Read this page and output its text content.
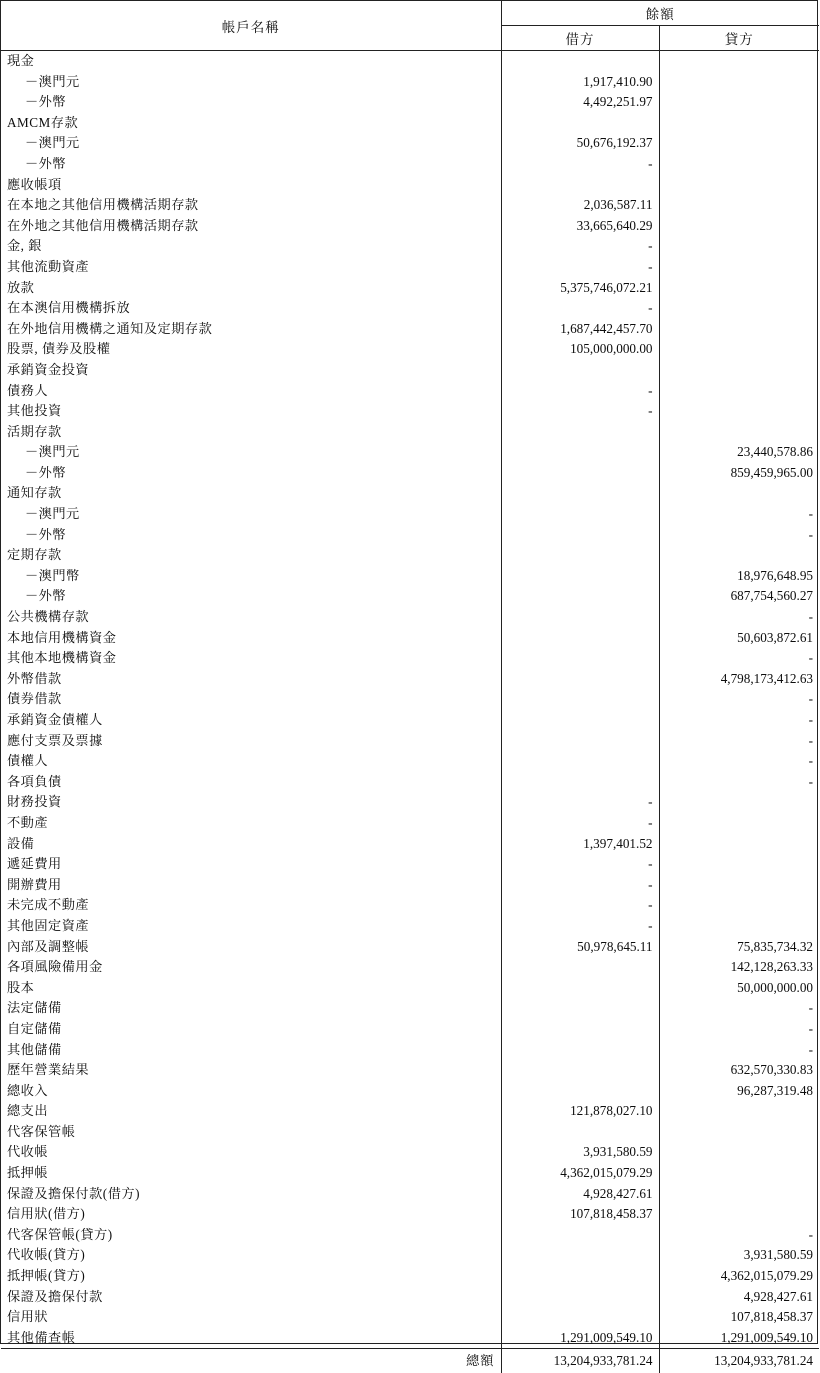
帳戶名稱	餘額	
	借方	貸方
現金		
－澳門元	1,917,410.90	
－外幣	4,492,251.97	
AMCM存款		
－澳門元	50,676,192.37	
－外幣	-	
應收帳項		
在本地之其他信用機構活期存款	2,036,587.11	
在外地之其他信用機構活期存款	33,665,640.29	
金, 銀	-	
其他流動資產	-	
放款	5,375,746,072.21	
在本澳信用機構拆放	-	
在外地信用機構之通知及定期存款	1,687,442,457.70	
股票, 債券及股權	105,000,000.00	
承銷資金投資		
債務人	-	
其他投資	-	
活期存款		
－澳門元		23,440,578.86
－外幣		859,459,965.00
通知存款		
－澳門元		-
－外幣		-
定期存款		
－澳門幣		18,976,648.95
－外幣		687,754,560.27
公共機構存款		-
本地信用機構資金		50,603,872.61
其他本地機構資金		-
外幣借款		4,798,173,412.63
債券借款		-
承銷資金債權人		-
應付支票及票據		-
債權人		-
各項負債		-
財務投資	-	
不動產	-	
設備	1,397,401.52	
遞延費用	-	
開辦費用	-	
未完成不動產	-	
其他固定資產	-	
內部及調整帳	50,978,645.11	75,835,734.32
各項風險備用金		142,128,263.33
股本		50,000,000.00
法定儲備		-
自定儲備		-
其他儲備		-
歷年營業結果		632,570,330.83
總收入		96,287,319.48
總支出	121,878,027.10	
代客保管帳		
代收帳	3,931,580.59	
抵押帳	4,362,015,079.29	
保證及擔保付款(借方)	4,928,427.61	
信用狀(借方)	107,818,458.37	
代客保管帳(貸方)		-
代收帳(貸方)		3,931,580.59
抵押帳(貸方)		4,362,015,079.29
保證及擔保付款		4,928,427.61
信用狀		107,818,458.37
其他備查帳	1,291,009,549.10	1,291,009,549.10
總額	13,204,933,781.24	13,204,933,781.24
